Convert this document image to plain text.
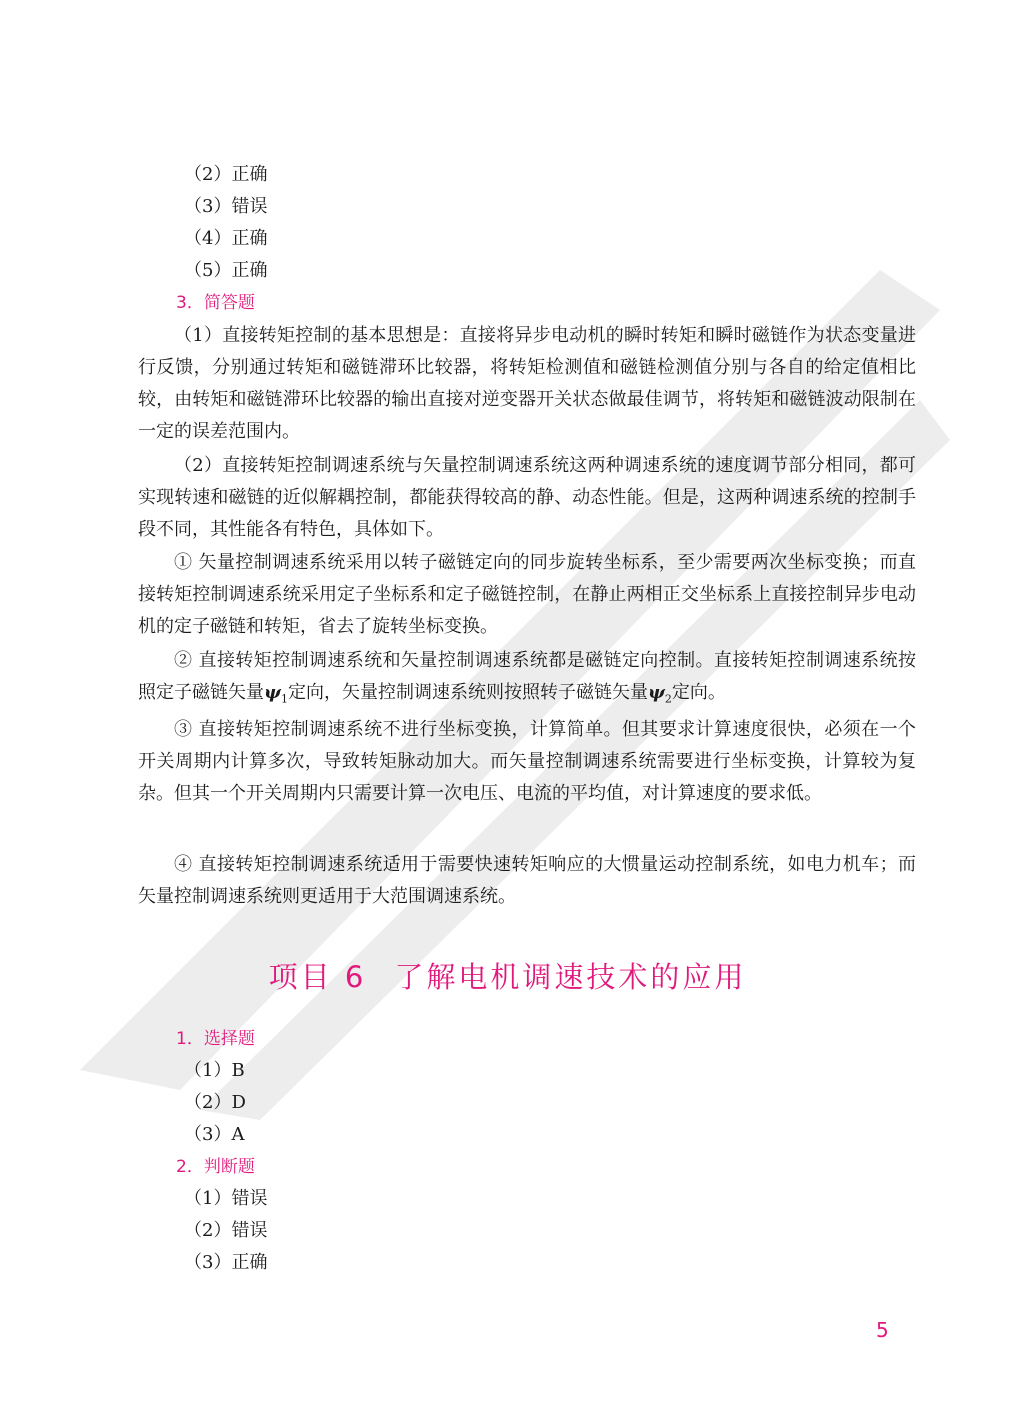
（2）正确
（3）错误
（4）正确
（5）正确
3．简答题
（1）直接转矩控制的基本思想是：直接将异步电动机的瞬时转矩和瞬时磁链作为状态变量进行反馈，分别通过转矩和磁链滞环比较器，将转矩检测值和磁链检测值分别与各自的给定值相比较，由转矩和磁链滞环比较器的输出直接对逆变器开关状态做最佳调节，将转矩和磁链波动限制在一定的误差范围内。
（2）直接转矩控制调速系统与矢量控制调速系统这两种调速系统的速度调节部分相同，都可实现转速和磁链的近似解耦控制，都能获得较高的静、动态性能。但是，这两种调速系统的控制手段不同，其性能各有特色，具体如下。
① 矢量控制调速系统采用以转子磁链定向的同步旋转坐标系，至少需要两次坐标变换；而直接转矩控制调速系统采用定子坐标系和定子磁链控制，在静止两相正交坐标系上直接控制异步电动机的定子磁链和转矩，省去了旋转坐标变换。
② 直接转矩控制调速系统和矢量控制调速系统都是磁链定向控制。直接转矩控制调速系统按照定子磁链矢量$\psi_1$定向，矢量控制调速系统则按照转子磁链矢量$\psi_2$定向。
③ 直接转矩控制调速系统不进行坐标变换，计算简单。但其要求计算速度很快，必须在一个开关周期内计算多次，导致转矩脉动加大。而矢量控制调速系统需要进行坐标变换，计算较为复杂。但其一个开关周期内只需要计算一次电压、电流的平均值，对计算速度的要求低。
④ 直接转矩控制调速系统适用于需要快速转矩响应的大惯量运动控制系统，如电力机车；而矢量控制调速系统则更适用于大范围调速系统。
项目 6 了解电机调速技术的应用
1．选择题
（1）B
（2）D
（3）A
2．判断题
（1）错误
（2）错误
（3）正确
5
